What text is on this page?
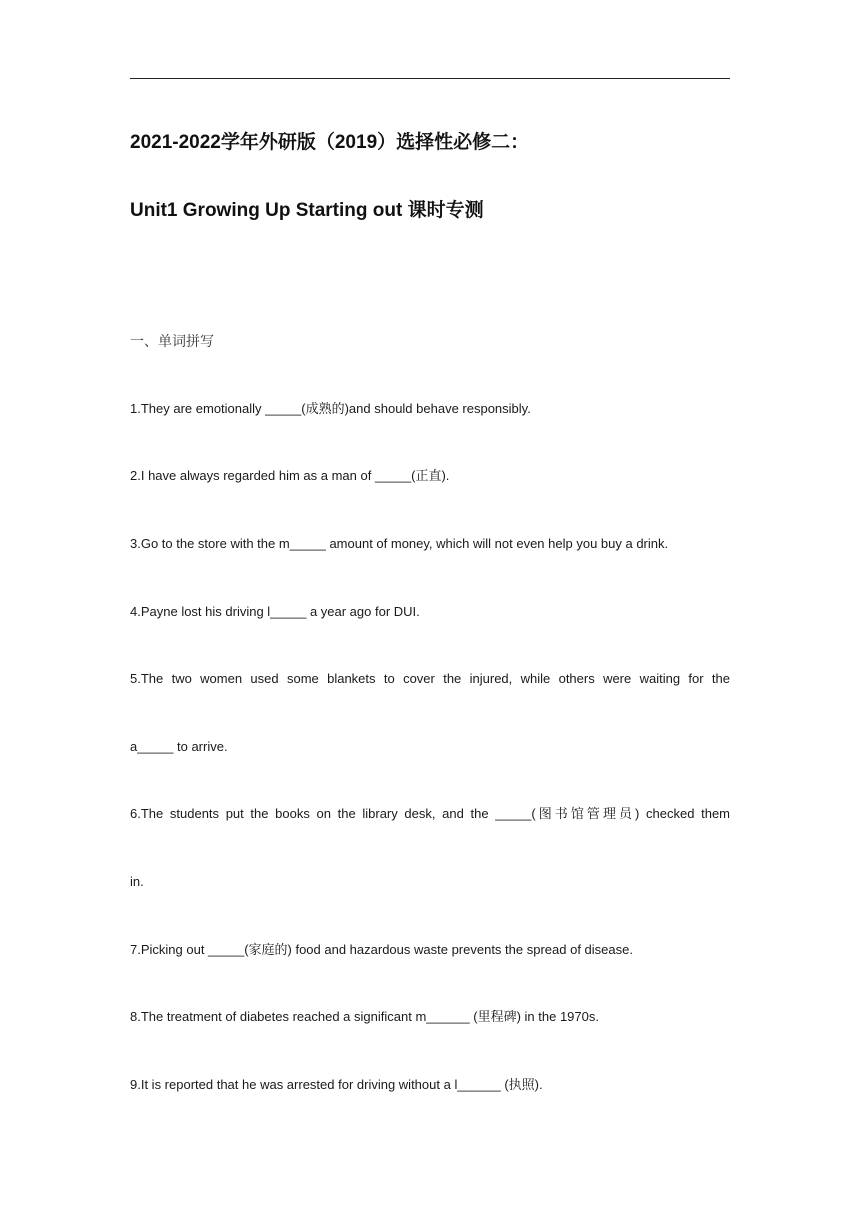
2021-2022学年外研版（2019）选择性必修二：
Unit1 Growing Up Starting out 课时专测
一、单词拼写
1.They are emotionally _____(成熟的)and should behave responsibly.
2.I have always regarded him as a man of _____(正直).
3.Go to the store with the m_____ amount of money, which will not even help you buy a drink.
4.Payne lost his driving l_____ a year ago for DUI.
5.The two women used some blankets to cover the injured, while others were waiting for the
a_____ to arrive.
6.The students put the books on the library desk, and the _____(图书馆管理员) checked them
in.
7.Picking out _____(家庭的) food and hazardous waste prevents the spread of disease.
8.The treatment of diabetes reached a significant m______ (里程碑) in the 1970s.
9.It is reported that he was arrested for driving without a l______ (执照).
